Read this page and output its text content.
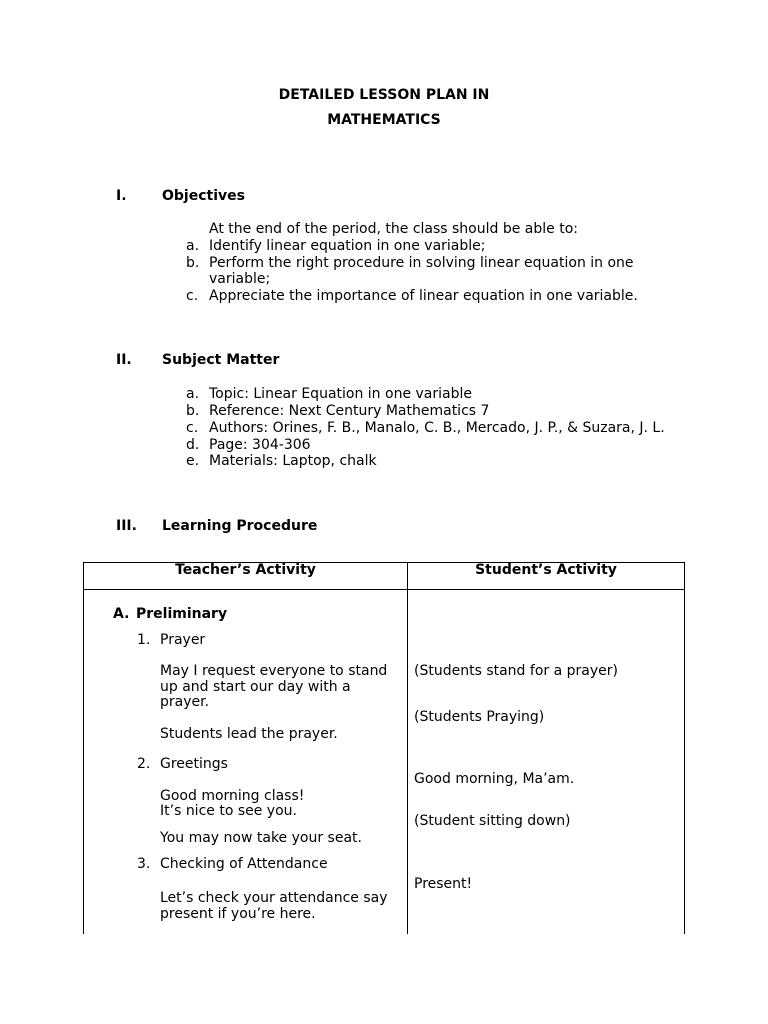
DETAILED LESSON PLAN IN
MATHEMATICS
I.	Objectives
At the end of the period, the class should be able to:
a. Identify linear equation in one variable;
b. Perform the right procedure in solving linear equation in one
variable;
c. Appreciate the importance of linear equation in one variable.
II. Subject Matter
a. Topic: Linear Equation in one variable
b. Reference: Next Century Mathematics 7
c. Authors: Orines, F. B., Manalo, C. B., Mercado, J. P., & Suzara, J. L.
d. Page: 304-306
e. Materials: Laptop, chalk
III. Learning Procedure
Teacher’s Activity	Student’s Activity
A. Preliminary
1. Prayer
May I request everyone to stand
up and start our day with a
prayer.
Students lead the prayer.
2. Greetings
Good morning class!
It’s nice to see you.
You may now take your seat.
3. Checking of Attendance
Let’s check your attendance say
present if you’re here.
(Students stand for a prayer)
(Students Praying)
Good morning, Ma’am.
(Student sitting down)
Present!
